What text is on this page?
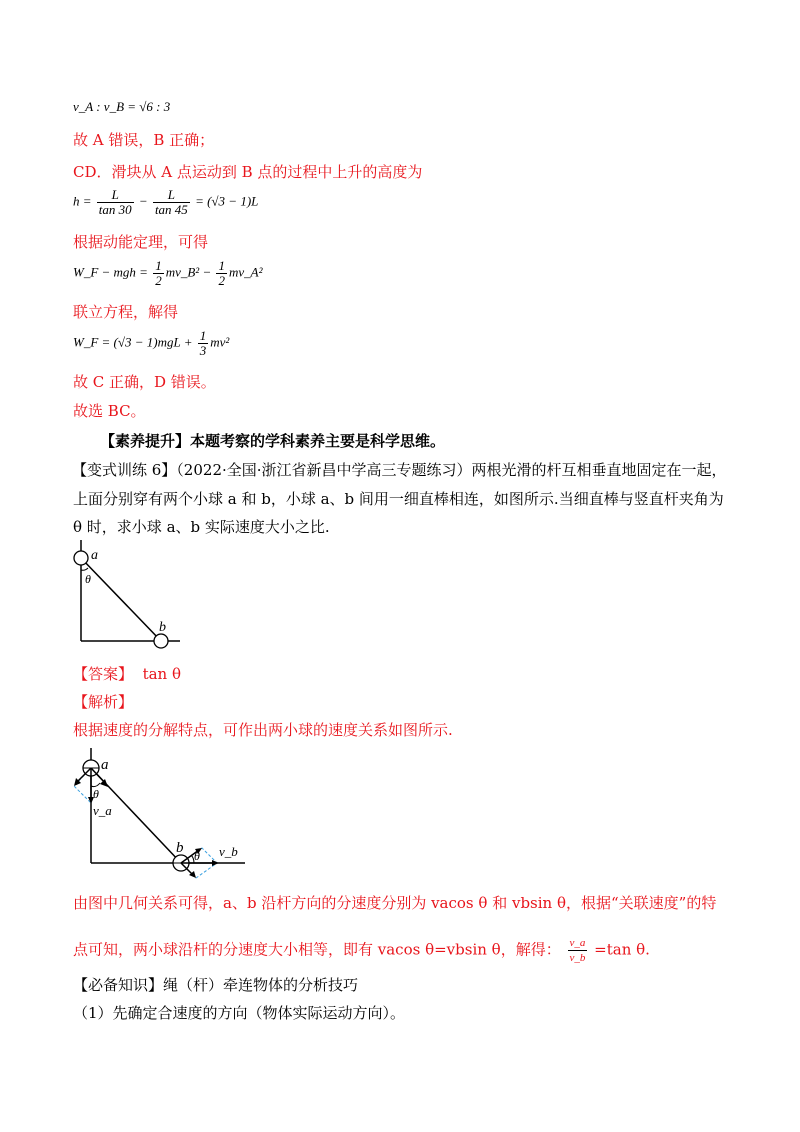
v_A : v_B = √6 : 3
故 A 错误，B 正确；
CD．滑块从 A 点运动到 B 点的过程中上升的高度为
$h = \frac{L}{\tan 30} - \frac{L}{\tan 45} = (√3 - 1)L$
根据动能定理，可得
W_F − mgh = $\frac{1}{2}$ mv_B² − $\frac{1}{2}$ mv_A²
联立方程，解得
W_F = $(√3 - 1)mgL + \frac{1}{3} mv^2$
故 C 正确，D 错误。
故选 BC。
【素养提升】本题考察的学科素养主要是科学思维。
【变式训练 6】（2022·全国·浙江省新昌中学高三专题练习）两根光滑的杆互相垂直地固定在一起，
上面分别穿有两个小球 a 和 b，小球 a、b 间用一细直棒相连，如图所示.当细直棒与竖直杆夹角为
θ 时，求小球 a、b 实际速度大小之比.
a
θ
b
【答案】 tan θ
【解析】
根据速度的分解特点，可作出两小球的速度关系如图所示.
a
θ
v_a
b θ v_b
由图中几何关系可得，a、b 沿杆方向的分速度分别为 vacos θ 和 vbsin θ，根据“关联速度”的特
点可知，两小球沿杆的分速度大小相等，即有 vacos θ=vbsin θ，解得： $\frac{v\_a}{v\_b} =\tan$ θ.
【必备知识】绳（杆）牵连物体的分析技巧
（1）先确定合速度的方向（物体实际运动方向）。
